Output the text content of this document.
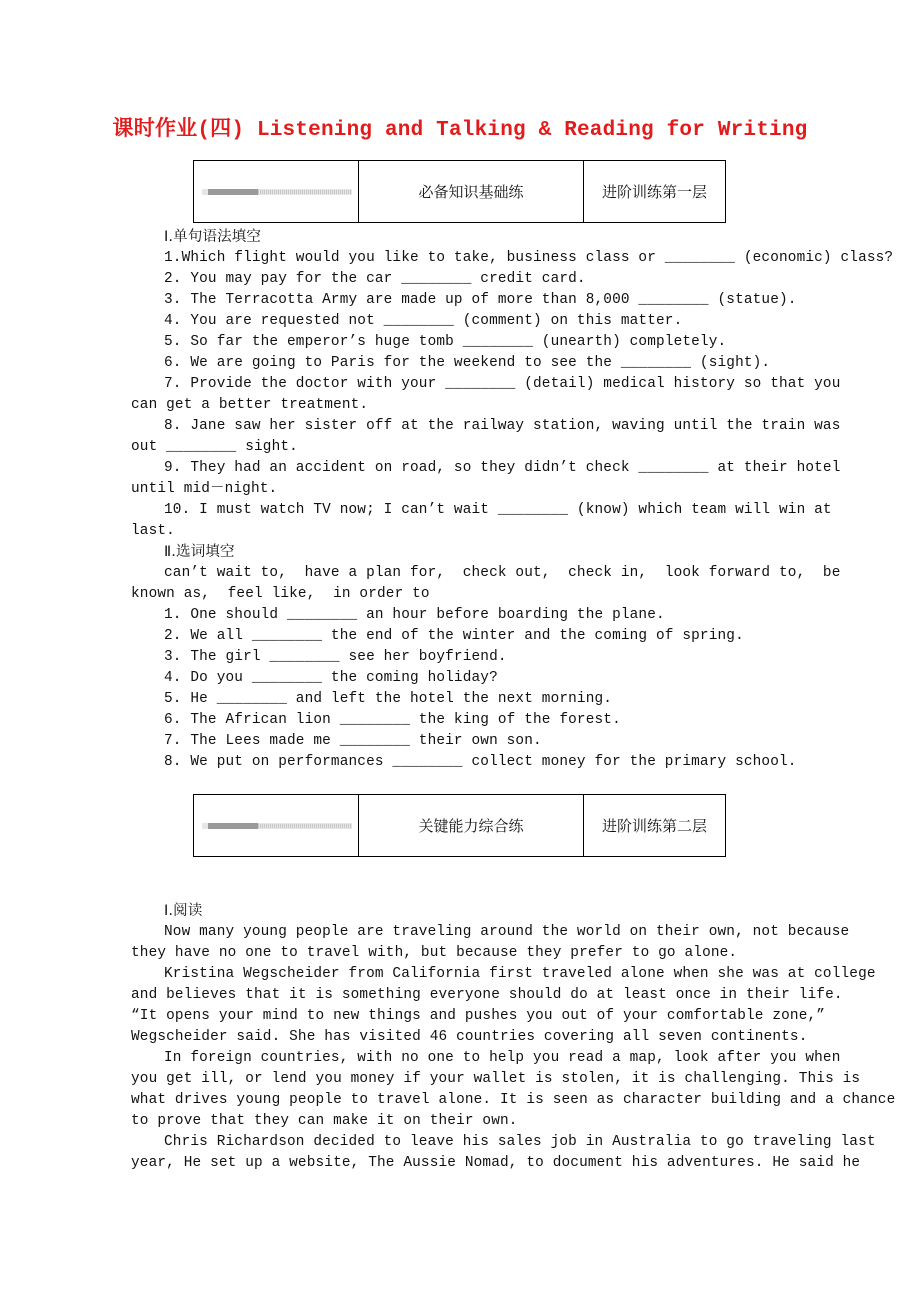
课时作业(四) Listening and Talking & Reading for Writing
必备知识基础练	进阶训练第一层
Ⅰ.单句语法填空
1.Which flight would you like to take, business class or ________ (economic) class?
2. You may pay for the car ________ credit card.
3. The Terracotta Army are made up of more than 8,000 ________ (statue).
4. You are requested not ________ (comment) on this matter.
5. So far the emperor’s huge tomb ________ (unearth) completely.
6. We are going to Paris for the weekend to see the ________ (sight).
7. Provide the doctor with your ________ (detail) medical history so that you
can get a better treatment.
8. Jane saw her sister off at the railway station, waving until the train was
out ________ sight.
9. They had an accident on road, so they didn’t check ________ at their hotel
until mid－night.
10. I must watch TV now; I can’t wait ________ (know) which team will win at
last.
Ⅱ.选词填空
can’t wait to,  have a plan for,  check out,  check in,  look forward to,  be
known as,  feel like,  in order to
1. One should ________ an hour before boarding the plane.
2. We all ________ the end of the winter and the coming of spring.
3. The girl ________ see her boyfriend.
4. Do you ________ the coming holiday?
5. He ________ and left the hotel the next morning.
6. The African lion ________ the king of the forest.
7. The Lees made me ________ their own son.
8. We put on performances ________ collect money for the primary school.
关键能力综合练	进阶训练第二层
Ⅰ.阅读
Now many young people are traveling around the world on their own, not because
they have no one to travel with, but because they prefer to go alone.
Kristina Wegscheider from California first traveled alone when she was at college
and believes that it is something everyone should do at least once in their life.
“It opens your mind to new things and pushes you out of your comfortable zone,”
Wegscheider said. She has visited 46 countries covering all seven continents.
In foreign countries, with no one to help you read a map, look after you when
you get ill, or lend you money if your wallet is stolen, it is challenging. This is
what drives young people to travel alone. It is seen as character building and a chance
to prove that they can make it on their own.
Chris Richardson decided to leave his sales job in Australia to go traveling last
year, He set up a website, The Aussie Nomad, to document his adventures. He said he
